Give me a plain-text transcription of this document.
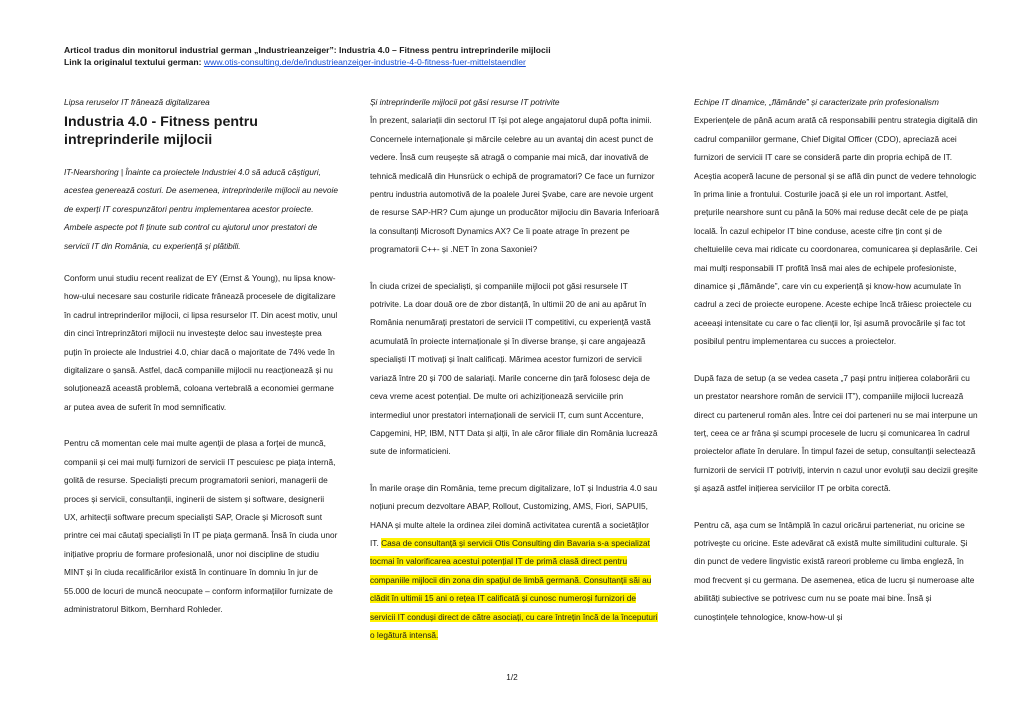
Articol tradus din monitorul industrial german „Industrieanzeiger”: Industria 4.0 – Fitness pentru intreprinderile mijlocii
Link la originalul textului german: www.otis-consulting.de/de/industrieanzeiger-industrie-4-0-fitness-fuer-mittelstaendler

Lipsa reruselor IT frânează digitalizarea

Industria 4.0 - Fitness pentru intreprinderile mijlocii

IT-Nearshoring | Înainte ca proiectele Industriei 4.0 să aducă câștiguri, acestea generează costuri. De asemenea, intreprinderile mijlocii au nevoie de experți IT corespunzători pentru implementarea acestor proiecte. Ambele aspecte pot fi ținute sub control cu ajutorul unor prestatori de servicii IT din România, cu experiență și plătibili.

Conform unui studiu recent realizat de EY (Ernst & Young), nu lipsa know-how-ului necesare sau costurile ridicate frânează procesele de digitalizare în cadrul intreprinderilor mijlocii, ci lipsa resurselor IT. Din acest motiv, unul din cinci întreprinzători mijlocii nu investește deloc sau investește prea puțin în proiecte ale Industriei 4.0, chiar dacă o majoritate de 74% vede în digitalizare o șansă. Astfel, dacă companiile mijlocii nu reacționează și nu soluționează această problemă, coloana vertebrală a economiei germane ar putea avea de suferit în mod semnificativ.

Pentru că momentan cele mai multe agenții de plasa a forței de muncă, companii și cei mai mulți furnizori de servicii IT pescuiesc pe piața internă, golită de resurse. Specialiști precum programatorii seniori, managerii de proces și servicii, consultanții, inginerii de sistem și software, designerii UX, arhitecții software precum specialiști SAP, Oracle și Microsoft sunt printre cei mai căutați specialiști în IT pe piața germană. Însă în ciuda unor inițiative propriu de formare profesională, unor noi discipline de studiu MINT și în ciuda recalificărilor există în continuare în domniu în jur de 55.000 de locuri de muncă neocupate – conform informațiilor furnizate de administratorul Bitkom, Bernhard Rohleder.

Și intreprinderile mijlocii pot găsi resurse IT potrivite

În prezent, salariații din sectorul IT își pot alege angajatorul după pofta inimii. Concernele internaționale și mărcile celebre au un avantaj din acest punct de vedere. Însă cum reușește să atragă o companie mai mică, dar inovativă de tehnică medicală din Hunsrück o echipă de programatori? Ce face un furnizor pentru industria automotivă de la poalele Jurei Șvabe, care are nevoie urgent de resurse SAP-HR? Cum ajunge un producător mijlociu din Bavaria Inferioară la consultanți Microsoft Dynamics AX? Ce îi poate atrage în prezent pe programatorii C++- și .NET în zona Saxoniei?

În ciuda crizei de specialiști, și companiile mijlocii pot găsi resursele IT potrivite. La doar două ore de zbor distanță, în ultimii 20 de ani au apărut în România nenumărați prestatori de servicii IT competitivi, cu experiență vastă acumulată în proiecte internaționale și în diverse branșe, și care angajează specialiști IT motivați și înalt calificați. Mărimea acestor furnizori de servicii variază între 20 și 700 de salariați. Marile concerne din țară folosesc deja de ceva vreme acest potențial. De multe ori achiziționează serviciile prin intermediul unor prestatori internaționali de servicii IT, cum sunt Accenture, Capgemini, HP, IBM, NTT Data și alții, în ale căror filiale din România lucrează sute de informaticieni.

În marile orașe din România, teme precum digitalizare, IoT și Industria 4.0 sau noțiuni precum dezvoltare ABAP, Rollout, Customizing, AMS, Fiori, SAPUI5, HANA și multe altele la ordinea zilei domină activitatea curentă a societăților IT. Casa de consultanță și servicii Otis Consulting din Bavaria s-a specializat tocmai în valorificarea acestui potențial IT de primă clasă direct pentru companiile mijlocii din zona din spațiul de limbă germană. Consultanții săi au clădit în ultimii 15 ani o rețea IT calificată și cunosc numeroși furnizori de servicii IT conduși direct de către asociați, cu care întrețin încă de la începuturi o legătură intensă.

Echipe IT dinamice, „flămânde” și caracterizate prin profesionalism

Experiențele de până acum arată că responsabilii pentru strategia digitală din cadrul companiilor germane, Chief Digital Officer (CDO), apreciază acei furnizori de servicii IT care se consideră parte din propria echipă de IT. Aceștia acoperă lacune de personal și se află din punct de vedere tehnologic în prima linie a frontului. Costurile joacă și ele un rol important. Astfel, prețurile nearshore sunt cu până la 50% mai reduse decât cele de pe piața locală. În cazul echipelor IT bine conduse, aceste cifre țin cont și de cheltuielile ceva mai ridicate cu coordonarea, comunicarea și deplasările. Cei mai mulți responsabili IT profită însă mai ales de echipele profesioniste, dinamice și „flămânde”, care vin cu experiență și know-how acumulate în cadrul a zeci de proiecte europene. Aceste echipe încă trăiesc proiectele cu aceeași intensitate cu care o fac clienții lor, își asumă provocările și fac tot posibilul pentru implementarea cu succes a proiectelor.

După faza de setup (a se vedea caseta „7 pași pntru inițierea colaborării cu un prestator nearshore român de servicii IT”), companiile mijlocii lucrează direct cu partenerul român ales. Între cei doi parteneri nu se mai interpune un terț, ceea ce ar frâna și scumpi procesele de lucru și comunicarea în cadrul proiectelor aflate în derulare. În timpul fazei de setup, consultanții selectează furnizorii de servicii IT potriviți, intervin n cazul unor evoluții sau decizii greșite și așază astfel inițierea serviciilor IT pe orbita corectă.

Pentru că, așa cum se întâmplă în cazul oricărui parteneriat, nu oricine se potrivește cu oricine. Este adevărat că există multe similitudini culturale. Și din punct de vedere lingvistic există rareori probleme cu limba engleză, în mod frecvent și cu germana. De asemenea, etica de lucru și numeroase alte abilități subiective se potrivesc cum nu se poate mai bine. Însă și cunoștințele tehnologice, know-how-ul și

1/2
